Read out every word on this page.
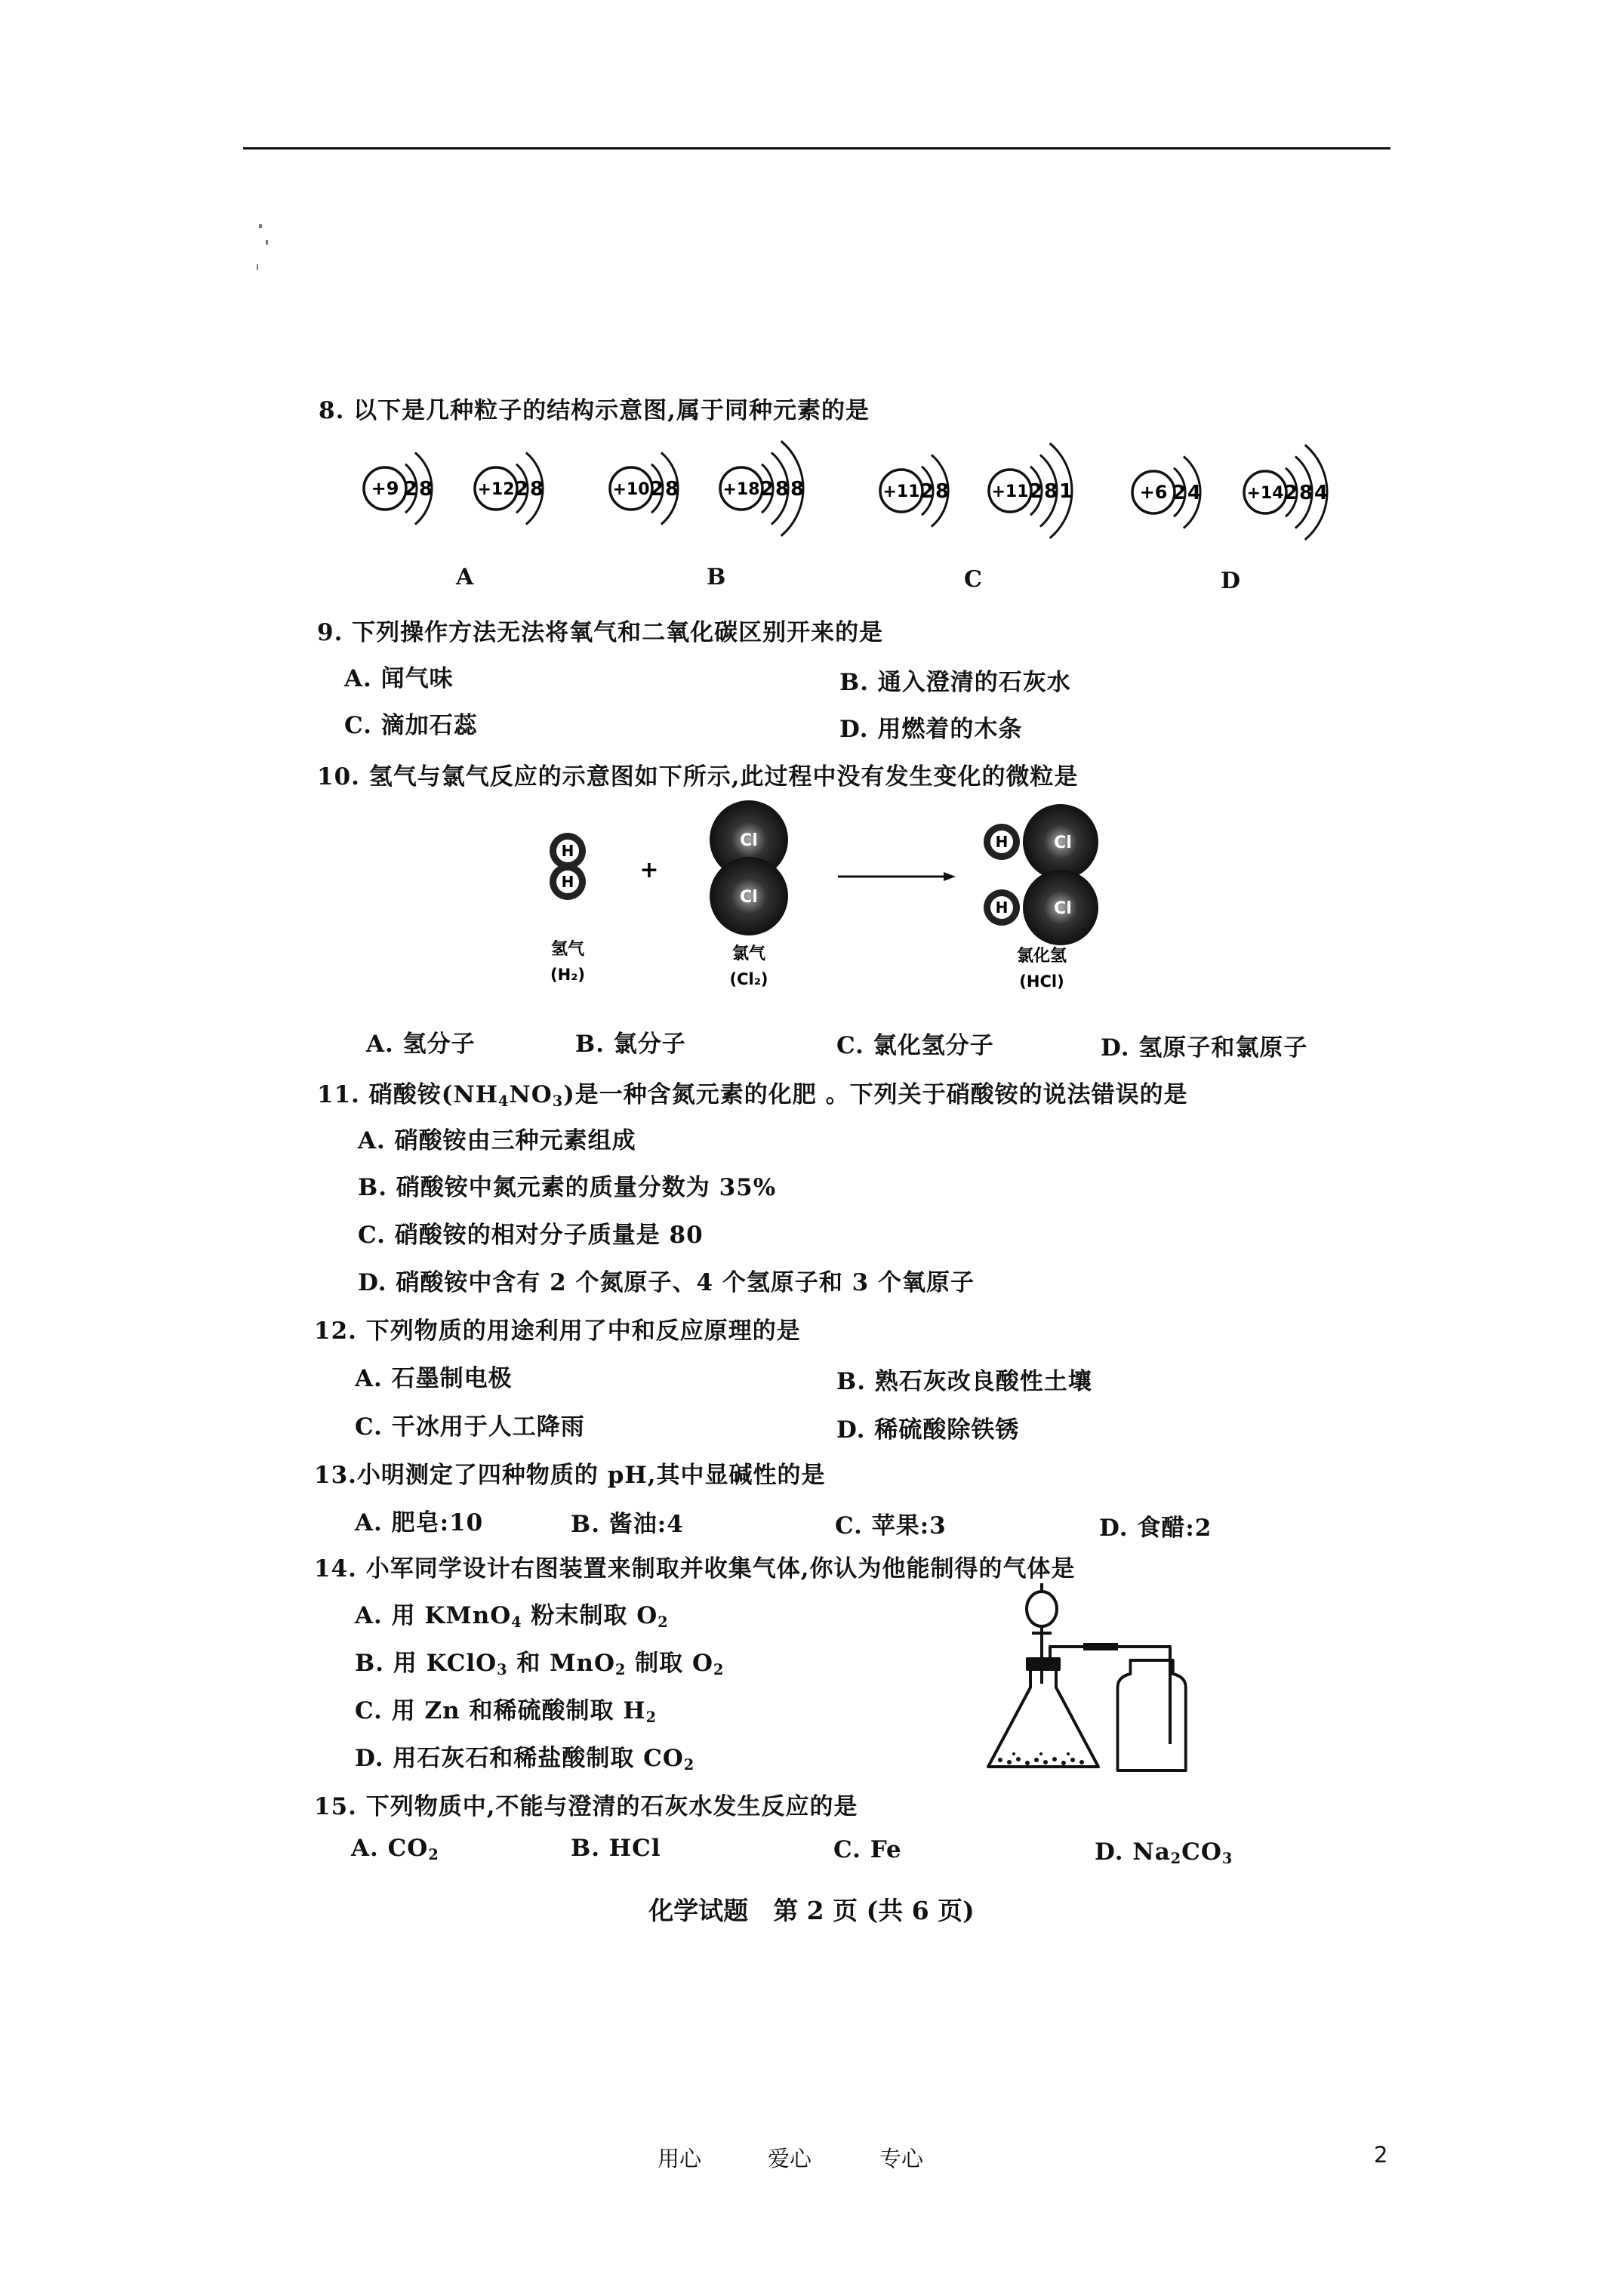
8. 以下是几种粒子的结构示意图,属于同种元素的是
+9 2 8	+12 2 8	+10 2 8	+18 2 8 8	+11 2 8	+11 2 8 1	+6 2 4	+14 2 8 4
A	B	C	D
9. 下列操作方法无法将氧气和二氧化碳区别开来的是
A. 闻气味	B. 通入澄清的石灰水
C. 滴加石蕊	D. 用燃着的木条
10. 氢气与氯气反应的示意图如下所示,此过程中没有发生变化的微粒是
H
H	+
Cl
Cl
H	Cl
H	Cl
氢气
(H₂)
氯气
(Cl₂)
氯化氢
(HCl)
A. 氢分子	B. 氯分子	C. 氯化氢分子	D. 氢原子和氯原子
11. 硝酸铵$(NH_4NO_3)$是一种含氮元素的化肥 。下列关于硝酸铵的说法错误的是
A. 硝酸铵由三种元素组成
B. 硝酸铵中氮元素的质量分数为 35%
C. 硝酸铵的相对分子质量是 80
D. 硝酸铵中含有 2 个氮原子、4 个氢原子和 3 个氧原子
12. 下列物质的用途利用了中和反应原理的是
A. 石墨制电极	B. 熟石灰改良酸性土壤
C. 干冰用于人工降雨	D. 稀硫酸除铁锈
13.小明测定了四种物质的 pH,其中显碱性的是
A. 肥皂:10	B. 酱油:4	C. 苹果:3	D. 食醋:2
14. 小军同学设计右图装置来制取并收集气体,你认为他能制得的气体是
A. 用 KMnO$_4$ 粉末制取 $O_2$
B. 用 KClO$_3$ 和 MnO$_2$ 制取 $O_2$
C. 用 Zn 和稀硫酸制取 $H_2$
D. 用石灰石和稀盐酸制取 $CO_2$
15. 下列物质中,不能与澄清的石灰水发生反应的是
A. $CO_2$	B. HCl	C. Fe	D. $Na_2CO_3$
化学试题　第 2 页 (共 6 页)
用心	爱心	专心	2
